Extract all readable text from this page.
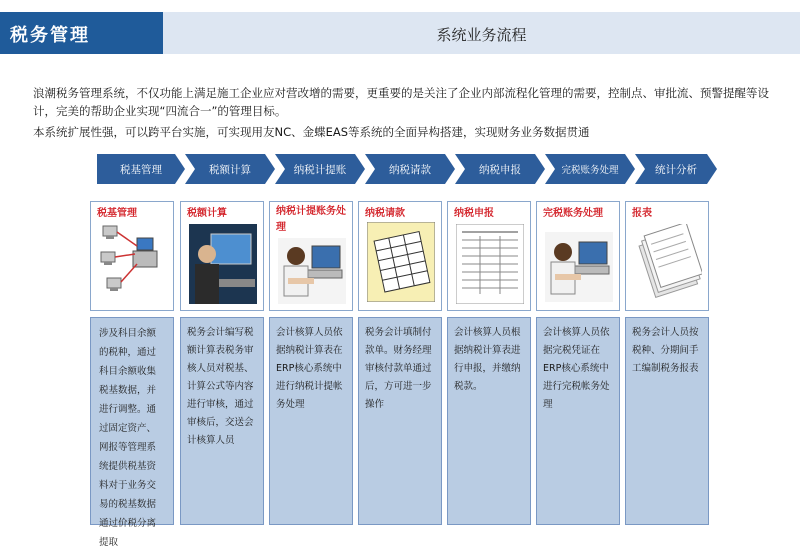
税务管理	系统业务流程
浪潮税务管理系统，不仅功能上满足施工企业应对营改增的需要，更重要的是关注了企业内部流程化管理的需要，控制点、审批流、预警提醒等设计，完美的帮助企业实现“四流合一”的管理目标。
本系统扩展性强，可以跨平台实施，可实现用友NC、金蝶EAS等系统的全面异构搭建，实现财务业务数据贯通
税基管理	税额计算	纳税计提账	纳税请款	纳税申报	完税账务处理	统计分析
税基管理
涉及科目余额的税种，通过科目余额收集税基数据，并进行调整。通过固定资产、网报等管理系统提供税基资料对于业务交易的税基数据通过价税分离提取
税额计算
税务会计编写税额计算表税务审核人员对税基、计算公式等内容进行审核，通过审核后，交送会计核算人员
纳税计提账务处理
会计核算人员依据纳税计算表在ERP核心系统中进行纳税计提帐务处理
纳税请款
税务会计填制付款单。财务经理审核付款单通过后，方可进一步操作
纳税申报
会计核算人员根据纳税计算表进行申报，并缴纳税款。
完税账务处理
会计核算人员依据完税凭证在ERP核心系统中进行完税帐务处理
报表
税务会计人员按税种、分期间手工编制税务报表
